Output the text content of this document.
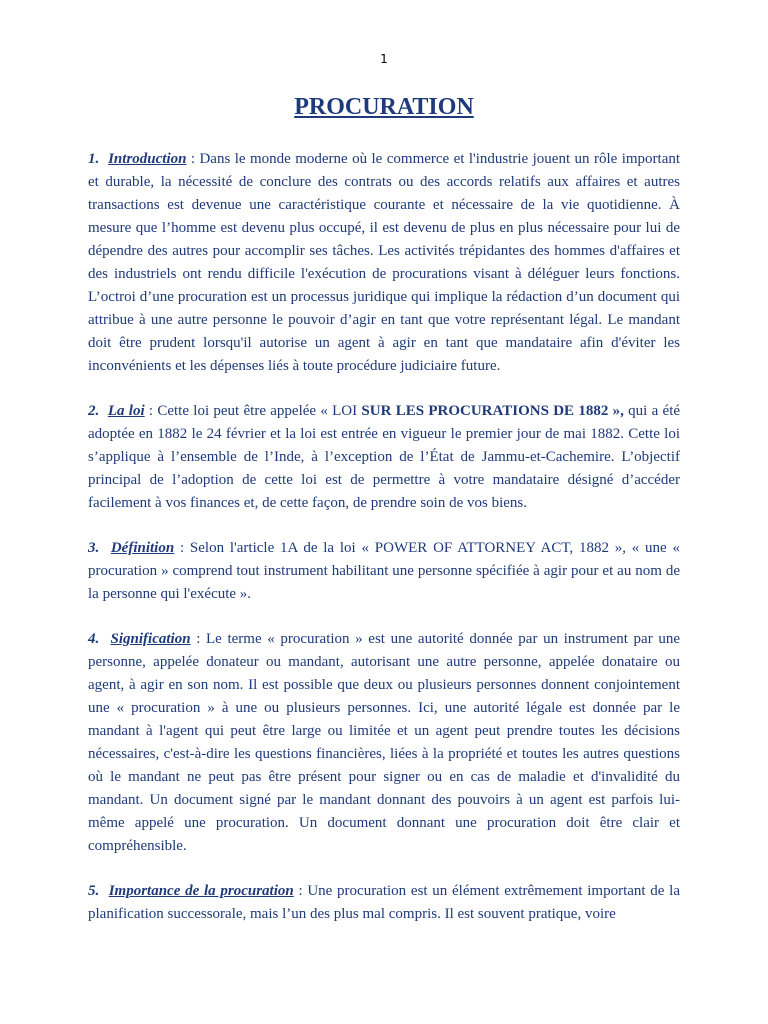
1
PROCURATION

1. Introduction : Dans le monde moderne où le commerce et l'industrie jouent un rôle important et durable, la nécessité de conclure des contrats ou des accords relatifs aux affaires et autres transactions est devenue une caractéristique courante et nécessaire de la vie quotidienne. À mesure que l’homme est devenu plus occupé, il est devenu de plus en plus nécessaire pour lui de dépendre des autres pour accomplir ses tâches. Les activités trépidantes des hommes d'affaires et des industriels ont rendu difficile l'exécution de procurations visant à déléguer leurs fonctions. L’octroi d’une procuration est un processus juridique qui implique la rédaction d’un document qui attribue à une autre personne le pouvoir d’agir en tant que votre représentant légal. Le mandant doit être prudent lorsqu'il autorise un agent à agir en tant que mandataire afin d'éviter les inconvénients et les dépenses liés à toute procédure judiciaire future.

2. La loi : Cette loi peut être appelée « LOI SUR LES PROCURATIONS DE 1882 », qui a été adoptée en 1882 le 24 février et la loi est entrée en vigueur le premier jour de mai 1882. Cette loi s’applique à l’ensemble de l’Inde, à l’exception de l’État de Jammu-et-Cachemire. L’objectif principal de l’adoption de cette loi est de permettre à votre mandataire désigné d’accéder facilement à vos finances et, de cette façon, de prendre soin de vos biens.

3. Définition : Selon l'article 1A de la loi « POWER OF ATTORNEY ACT, 1882 », « une « procuration » comprend tout instrument habilitant une personne spécifiée à agir pour et au nom de la personne qui l'exécute ».

4. Signification : Le terme « procuration » est une autorité donnée par un instrument par une personne, appelée donateur ou mandant, autorisant une autre personne, appelée donataire ou agent, à agir en son nom. Il est possible que deux ou plusieurs personnes donnent conjointement une « procuration » à une ou plusieurs personnes. Ici, une autorité légale est donnée par le mandant à l'agent qui peut être large ou limitée et un agent peut prendre toutes les décisions nécessaires, c'est-à-dire les questions financières, liées à la propriété et toutes les autres questions où le mandant ne peut pas être présent pour signer ou en cas de maladie et d'invalidité du mandant. Un document signé par le mandant donnant des pouvoirs à un agent est parfois lui-même appelé une procuration. Un document donnant une procuration doit être clair et compréhensible.

5. Importance de la procuration : Une procuration est un élément extrêmement important de la planification successorale, mais l’un des plus mal compris. Il est souvent pratique, voire
